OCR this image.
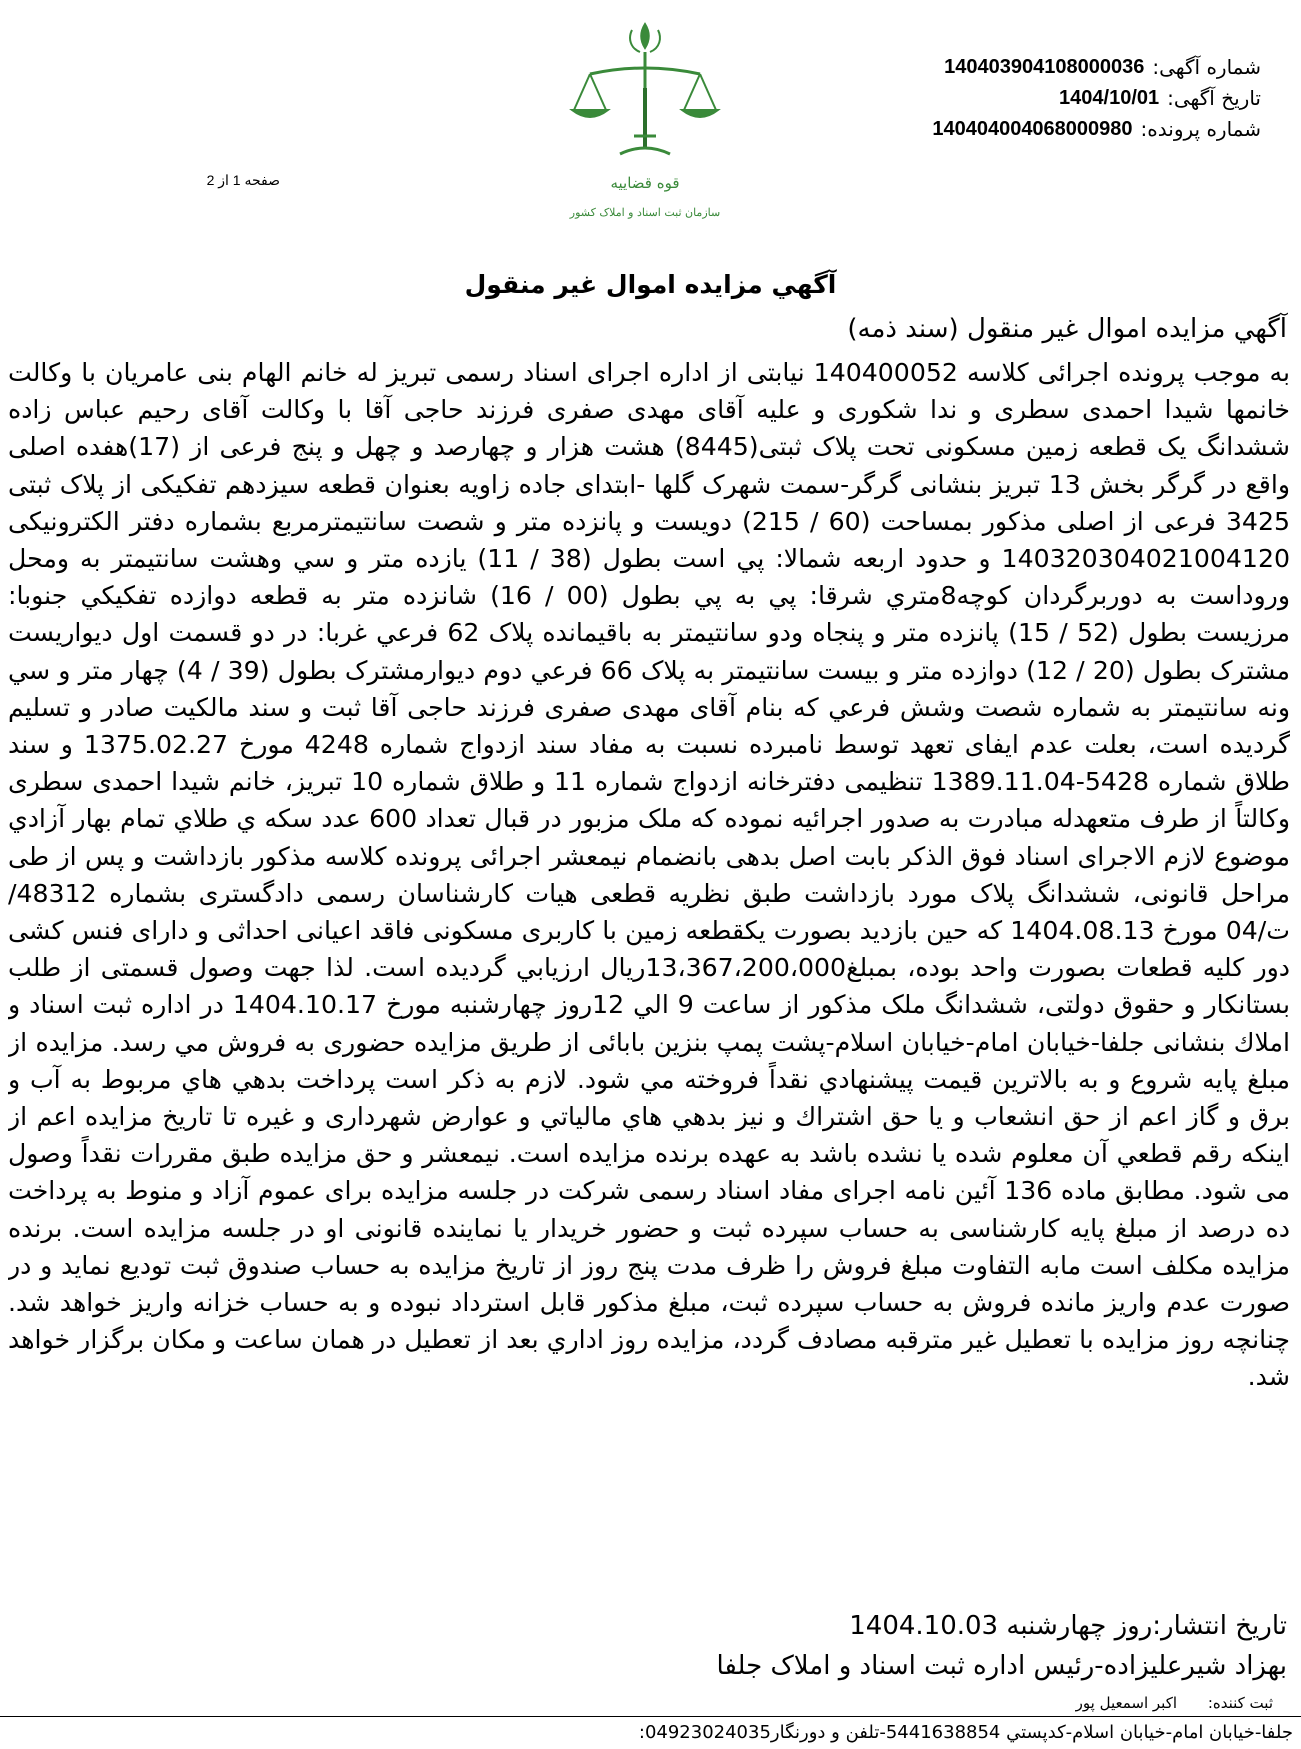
شماره آگهی:
140403904108000036
تاریخ آگهی:
1404/10/01
شماره پرونده:
140404004068000980
قوه قضاییه
سازمان ثبت اسناد و املاک کشور
صفحه 1 از 2
آگهي مزايده اموال غير منقول
آگهي مزايده اموال غير منقول (سند ذمه)
به موجب پرونده اجرائی کلاسه 140400052 نیابتی از اداره اجرای اسناد رسمی تبریز له خانم الهام بنی عامریان با وکالت خانمها شیدا احمدی سطری و ندا شکوری و علیه آقای مهدی صفری فرزند حاجی آقا با وکالت آقای رحیم عباس زاده ششدانگ یک قطعه زمین مسکونی تحت پلاک ثبتی(8445) هشت هزار و چهارصد و چهل و پنج فرعی از (17)هفده اصلی واقع در گرگر بخش 13 تبریز بنشانی گرگر-سمت شهرک گلها -ابتدای جاده زاویه بعنوان قطعه سیزدهم تفکیکی از پلاک ثبتی 3425 فرعی از اصلی مذکور بمساحت (60 / 215) دویست و پانزده متر و شصت سانتیمترمربع بشماره دفتر الکترونیکی 140320304021004120 و حدود اربعه شمالا: پي است بطول (38 / 11) يازده متر و سي وهشت سانتيمتر به ومحل ورودا‌ست به دوربرگردان کوچه8متري شرقا: پي به پي بطول (00 / 16) شانزده متر به قطعه دوازده تفکيکي جنوبا: مرزيست بطول (52 / 15) پانزده متر و پنجاه ودو سانتيمتر به باقيمانده پلاک 62 فرعي غربا: در دو قسمت اول ديواريست مشترک بطول (20 / 12) دوازده متر و بيست سانتيمتر به پلاک 66 فرعي دوم ديوارمشترک بطول (39 / 4) چهار متر و سي ونه سانتيمتر به شماره شصت وشش فرعي که بنام آقای مهدی صفری فرزند حاجی آقا ثبت و سند مالکیت صادر و تسلیم گردیده است، بعلت عدم ایفای تعهد توسط نامبرده نسبت به مفاد سند ازدواج شماره 4248 مورخ 1375.02.27 و سند طلاق شماره 5428-1389.11.04 تنظیمی دفترخانه ازدواج شماره 11 و طلاق شماره 10 تبریز، خانم شیدا احمدی سطری وکالتاً از طرف متعهدله مبادرت به صدور اجرائیه نموده که ملک مزبور در قبال تعداد 600 عدد سکه ي طلاي تمام بهار آزادي موضوع لازم الاجرای اسناد فوق الذکر بابت اصل بدهی بانضمام نیمعشر اجرائی پرونده کلاسه مذکور بازداشت و پس از طی مراحل قانونی، ششدانگ پلاک مورد بازداشت طبق نظریه قطعی هیات کارشناسان رسمی دادگستری بشماره 48312/ت/04 مورخ 1404.08.13 که حین بازدید بصورت یکقطعه زمین با کاربری مسکونی فاقد اعیانی احداثی و دارای فنس کشی دور کلیه قطعات بصورت واحد بوده، بمبلغ13،367،200،000ريال ارزيابي گرديده است. لذا جهت وصول قسمتی از طلب بستانکار و حقوق دولتی، ششدانگ ملک مذکور از ساعت 9 الي 12روز چهارشنبه مورخ 1404.10.17 در اداره ثبت اسناد و املاك بنشانی جلفا-خیابان امام-خیابان اسلام-پشت پمپ بنزین بابائی از طريق مزايده حضوری به فروش مي رسد. مزايده از مبلغ پايه شروع و به بالاترين قيمت پيشنهادي نقداً فروخته مي شود. لازم به ذکر است پرداخت بدهي هاي مربوط به آب و برق و گاز اعم از حق انشعاب و يا حق اشتراك و نيز بدهي هاي مالياتي و عوارض شهرداری و غيره تا تاريخ مزايده اعم از اينکه رقم قطعي آن معلوم شده يا نشده باشد به عهده برنده مزايده است. نیمعشر و حق مزایده طبق مقررات نقداً وصول می شود. مطابق ماده 136 آئین نامه اجرای مفاد اسناد رسمی شرکت در جلسه مزایده برای عموم آزاد و منوط به پرداخت ده درصد از مبلغ پایه کارشناسی به حساب سپرده ثبت و حضور خریدار یا نماینده قانونی او در جلسه مزایده است. برنده مزایده مکلف است مابه التفاوت مبلغ فروش را ظرف مدت پنج روز از تاریخ مزایده به حساب صندوق ثبت تودیع نماید و در صورت عدم واریز مانده فروش به حساب سپرده ثبت، مبلغ مذکور قابل استرداد نبوده و به حساب خزانه واریز خواهد شد. چنانچه روز مزايده با تعطيل غير مترقبه مصادف گردد، مزايده روز اداري بعد از تعطيل در همان ساعت و مكان برگزار خواهد شد.
تاريخ انتشار:روز چهارشنبه 1404.10.03
بهزاد شیرعلیزاده-رئیس اداره ثبت اسناد و املاک جلفا
ثبت كننده: اكبر اسمعيل پور
جلفا-خيابان امام-خيابان اسلام-کدپستي 5441638854-تلفن و دورنگار04923024035:
